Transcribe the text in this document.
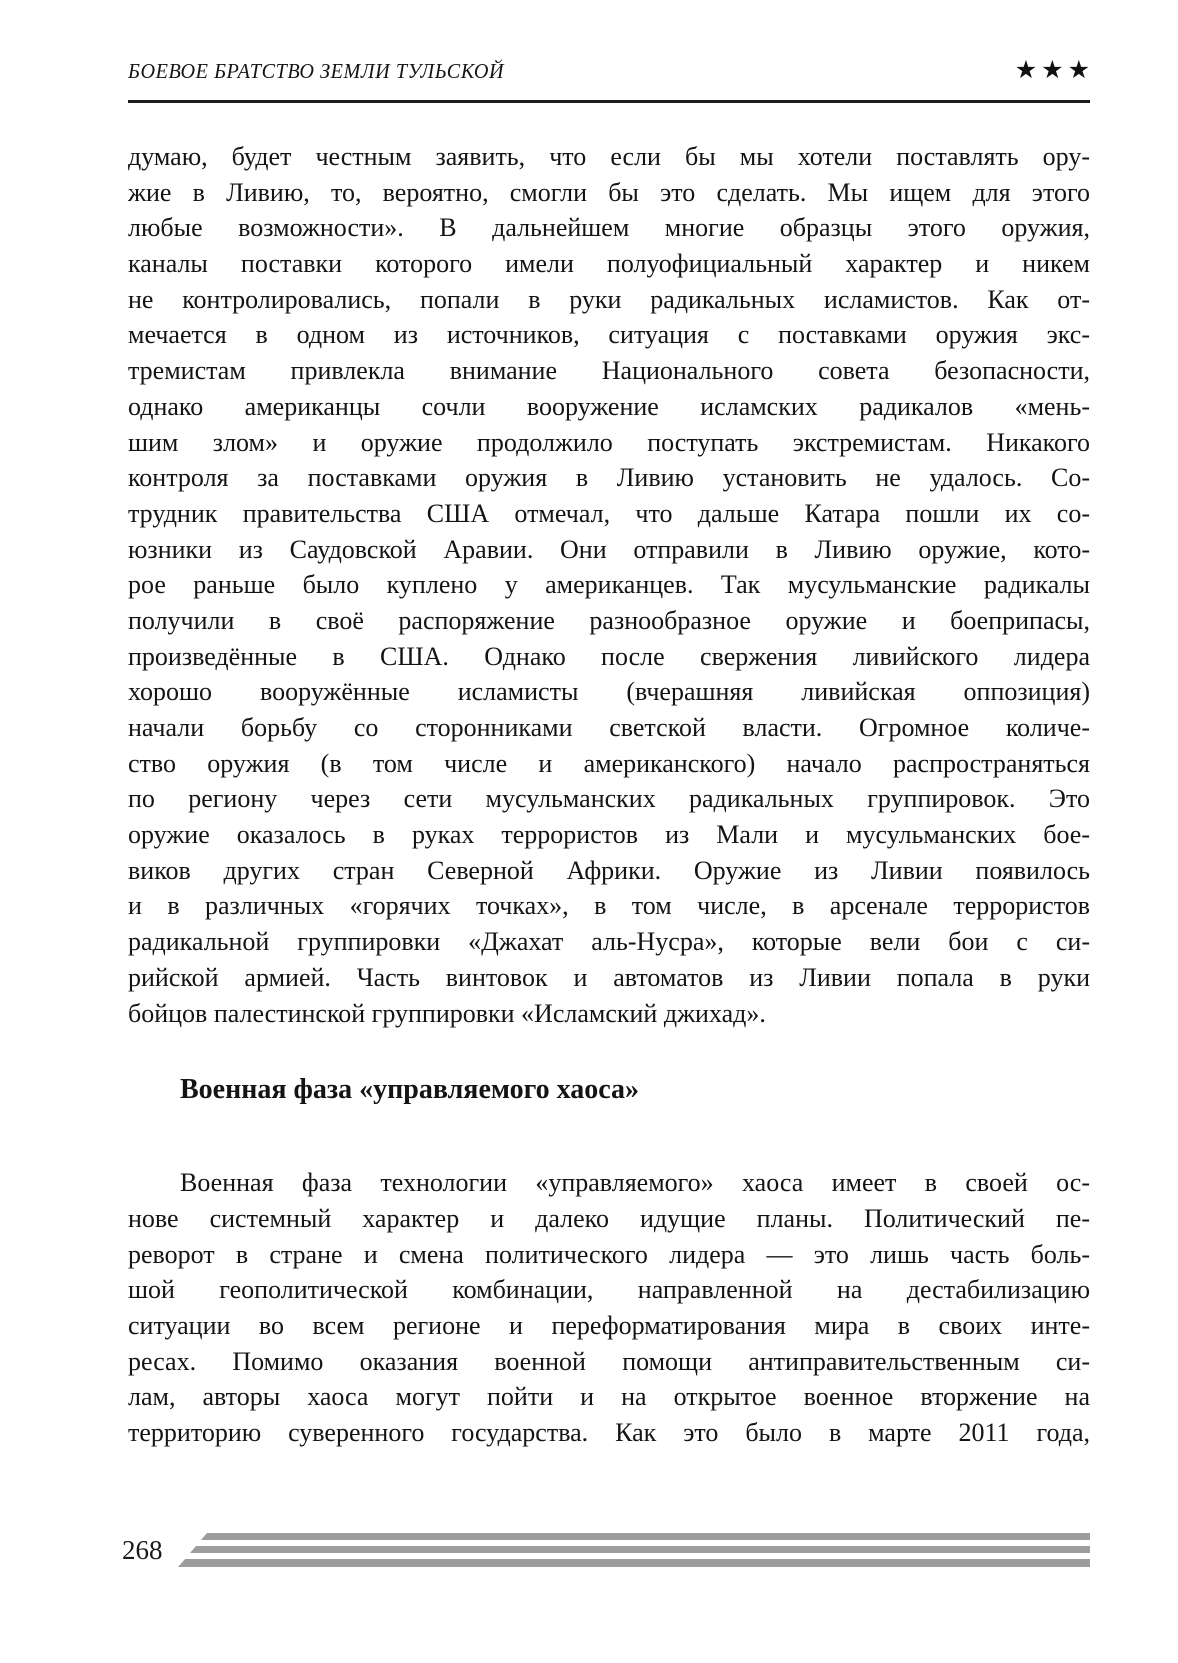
БОЕВОЕ БРАТСТВО ЗЕМЛИ ТУЛЬСКОЙ	★★★
думаю, будет честным заявить, что если бы мы хотели поставлять ору-
жие в Ливию, то, вероятно, смогли бы это сделать. Мы ищем для этого
любые возможности». В дальнейшем многие образцы этого оружия,
каналы поставки которого имели полуофициальный характер и никем
не контролировались, попали в руки радикальных исламистов. Как от-
мечается в одном из источников, ситуация с поставками оружия экс-
тремистам привлекла внимание Национального совета безопасности,
однако американцы сочли вооружение исламских радикалов «мень-
шим злом» и оружие продолжило поступать экстремистам. Никакого
контроля за поставками оружия в Ливию установить не удалось. Со-
трудник правительства США отмечал, что дальше Катара пошли их со-
юзники из Саудовской Аравии. Они отправили в Ливию оружие, кото-
рое раньше было куплено у американцев. Так мусульманские радикалы
получили в своё распоряжение разнообразное оружие и боеприпасы,
произведённые в США. Однако после свержения ливийского лидера
хорошо вооружённые исламисты (вчерашняя ливийская оппозиция)
начали борьбу со сторонниками светской власти. Огромное количе-
ство оружия (в том числе и американского) начало распространяться
по региону через сети мусульманских радикальных группировок. Это
оружие оказалось в руках террористов из Мали и мусульманских бое-
виков других стран Северной Африки. Оружие из Ливии появилось
и в различных «горячих точках», в том числе, в арсенале террористов
радикальной группировки «Джахат аль-Нусра», которые вели бои с си-
рийской армией. Часть винтовок и автоматов из Ливии попала в руки
бойцов палестинской группировки «Исламский джихад».
Военная фаза «управляемого хаоса»
Военная фаза технологии «управляемого» хаоса имеет в своей ос-
нове системный характер и далеко идущие планы. Политический пе-
реворот в стране и смена политического лидера — это лишь часть боль-
шой геополитической комбинации, направленной на дестабилизацию
ситуации во всем регионе и переформатирования мира в своих инте-
ресах. Помимо оказания военной помощи антиправительственным си-
лам, авторы хаоса могут пойти и на открытое военное вторжение на
территорию суверенного государства. Как это было в марте 2011 года,
268
